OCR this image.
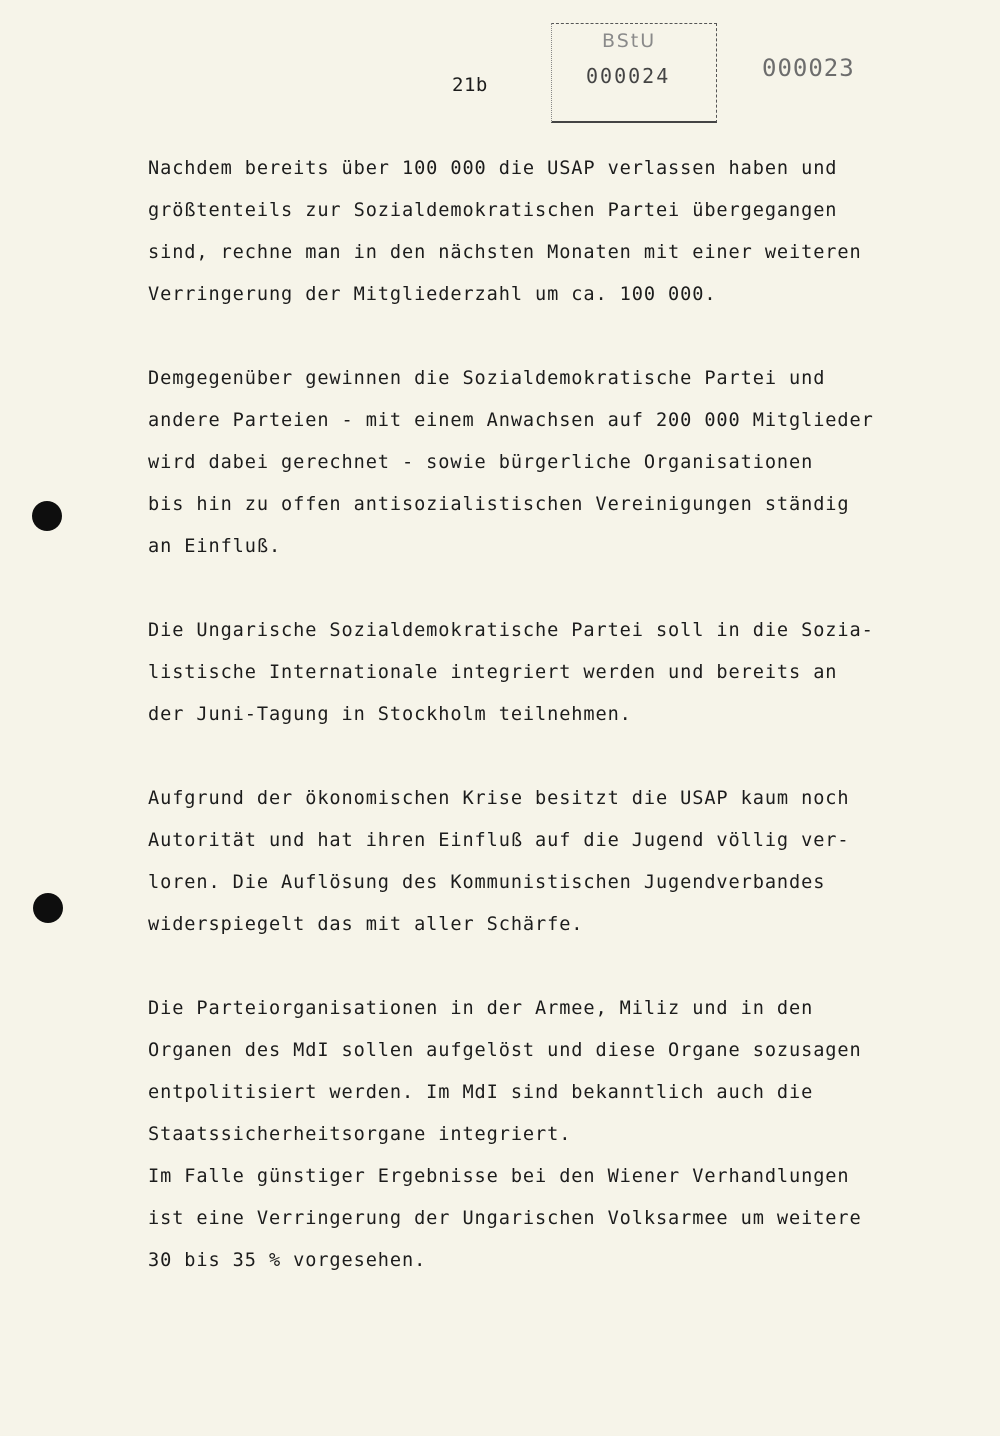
21b
BStU
000024	000023
Nachdem bereits über 100 000 die USAP verlassen haben und
größtenteils zur Sozialdemokratischen Partei übergegangen
sind, rechne man in den nächsten Monaten mit einer weiteren
Verringerung der Mitgliederzahl um ca. 100 000.
Demgegenüber gewinnen die Sozialdemokratische Partei und
andere Parteien - mit einem Anwachsen auf 200 000 Mitglieder
wird dabei gerechnet - sowie bürgerliche Organisationen
bis hin zu offen antisozialistischen Vereinigungen ständig
an Einfluß.
Die Ungarische Sozialdemokratische Partei soll in die Sozia-
listische Internationale integriert werden und bereits an
der Juni-Tagung in Stockholm teilnehmen.
Aufgrund der ökonomischen Krise besitzt die USAP kaum noch
Autorität und hat ihren Einfluß auf die Jugend völlig ver-
loren. Die Auflösung des Kommunistischen Jugendverbandes
widerspiegelt das mit aller Schärfe.
Die Parteiorganisationen in der Armee, Miliz und in den
Organen des MdI sollen aufgelöst und diese Organe sozusagen
entpolitisiert werden. Im MdI sind bekanntlich auch die
Staatssicherheitsorgane integriert.
Im Falle günstiger Ergebnisse bei den Wiener Verhandlungen
ist eine Verringerung der Ungarischen Volksarmee um weitere
30 bis 35 % vorgesehen.
